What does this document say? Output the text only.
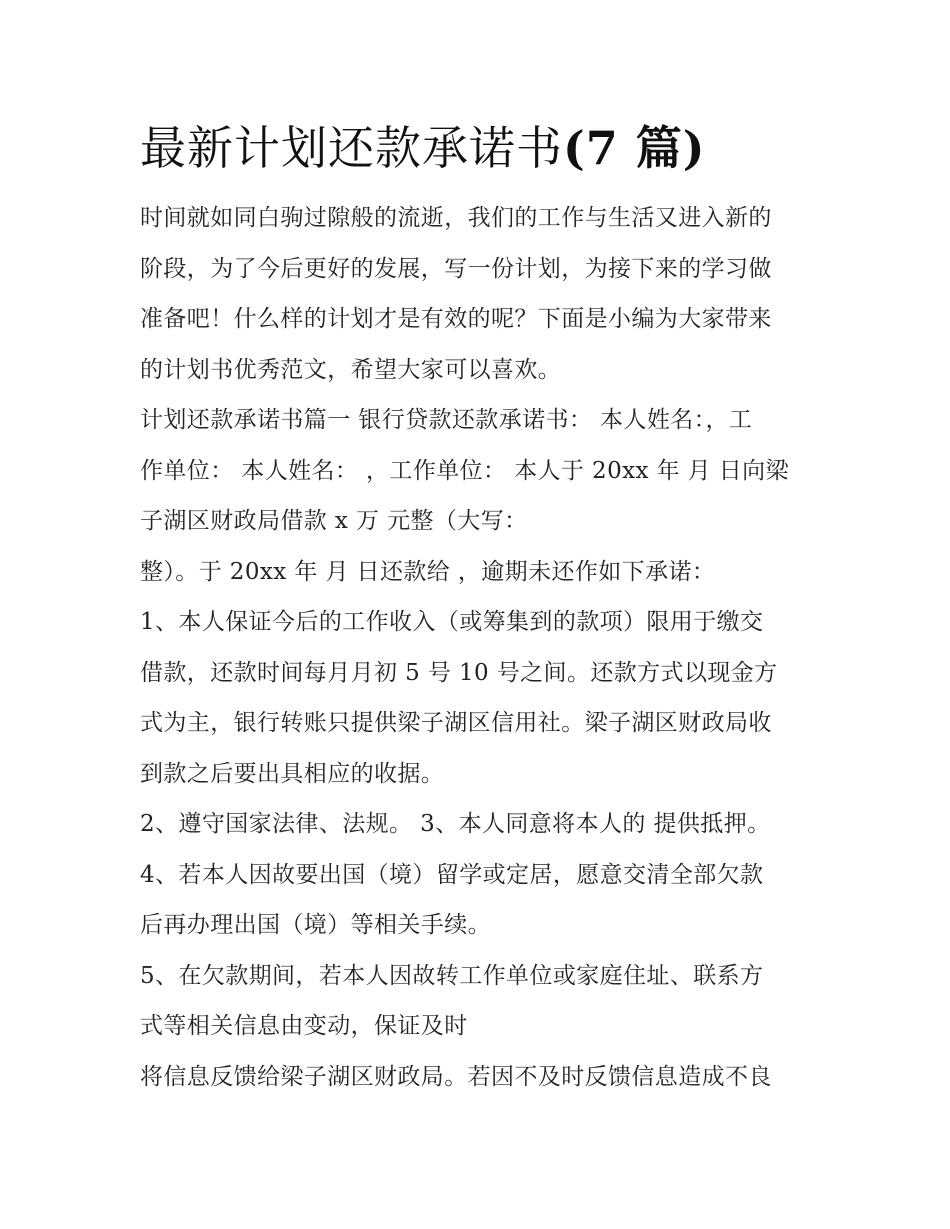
最新计划还款承诺书(7 篇)
时间就如同白驹过隙般的流逝，我们的工作与生活又进入新的
阶段，为了今后更好的发展，写一份计划，为接下来的学习做
准备吧！什么样的计划才是有效的呢？下面是小编为大家带来
的计划书优秀范文，希望大家可以喜欢。
计划还款承诺书篇一 银行贷款还款承诺书： 本人姓名：，工
作单位： 本人姓名： ，工作单位： 本人于 20xx 年 月 日向梁
子湖区财政局借款 x 万 元整（大写：
整）。于 20xx 年 月 日还款给 ，逾期未还作如下承诺：
1、本人保证今后的工作收入（或筹集到的款项）限用于缴交
借款，还款时间每月月初 5 号 10 号之间。还款方式以现金方
式为主，银行转账只提供梁子湖区信用社。梁子湖区财政局收
到款之后要出具相应的收据。
2、遵守国家法律、法规。 3、本人同意将本人的 提供抵押。
4、若本人因故要出国（境）留学或定居，愿意交清全部欠款
后再办理出国（境）等相关手续。
5、在欠款期间，若本人因故转工作单位或家庭住址、联系方
式等相关信息由变动，保证及时
将信息反馈给梁子湖区财政局。若因不及时反馈信息造成不良
